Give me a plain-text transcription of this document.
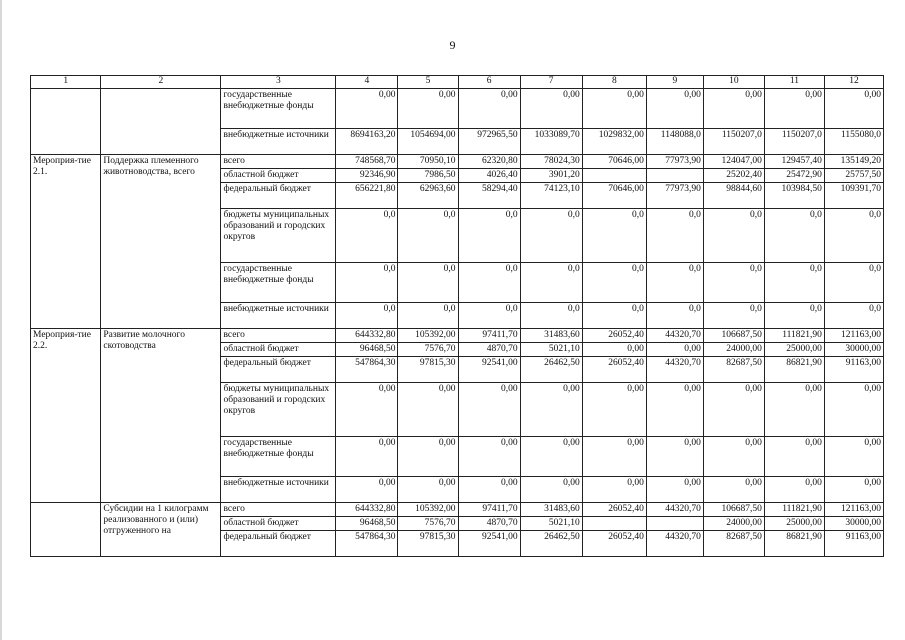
9
1	2	3	4	5	6	7	8	9	10	11	12
		государственные внебюджетные фонды	0,00	0,00	0,00	0,00	0,00	0,00	0,00	0,00	0,00
		внебюджетные источники	8694163,20	1054694,00	972965,50	1033089,70	1029832,00	1148088,0	1150207,0	1150207,0	1155080,0
Мероприя-тие 2.1.	Поддержка племенного животноводства, всего	всего	748568,70	70950,10	62320,80	78024,30	70646,00	77973,90	124047,00	129457,40	135149,20
		областной бюджет	92346,90	7986,50	4026,40	3901,20			25202,40	25472,90	25757,50
		федеральный бюджет	656221,80	62963,60	58294,40	74123,10	70646,00	77973,90	98844,60	103984,50	109391,70
		бюджеты муниципальных образований и городских округов	0,0	0,0	0,0	0,0	0,0	0,0	0,0	0,0	0,0
		государственные внебюджетные фонды	0,0	0,0	0,0	0,0	0,0	0,0	0,0	0,0	0,0
		внебюджетные источники	0,0	0,0	0,0	0,0	0,0	0,0	0,0	0,0	0,0
Мероприя-тие 2.2.	Развитие молочного скотоводства	всего	644332,80	105392,00	97411,70	31483,60	26052,40	44320,70	106687,50	111821,90	121163,00
		областной бюджет	96468,50	7576,70	4870,70	5021,10	0,00	0,00	24000,00	25000,00	30000,00
		федеральный бюджет	547864,30	97815,30	92541,00	26462,50	26052,40	44320,70	82687,50	86821,90	91163,00
		бюджеты муниципальных образований и городских округов	0,00	0,00	0,00	0,00	0,00	0,00	0,00	0,00	0,00
		государственные внебюджетные фонды	0,00	0,00	0,00	0,00	0,00	0,00	0,00	0,00	0,00
		внебюджетные источники	0,00	0,00	0,00	0,00	0,00	0,00	0,00	0,00	0,00
	Субсидии на 1 килограмм реализованного и (или) отгруженного на	всего	644332,80	105392,00	97411,70	31483,60	26052,40	44320,70	106687,50	111821,90	121163,00
		областной бюджет	96468,50	7576,70	4870,70	5021,10			24000,00	25000,00	30000,00
		федеральный бюджет	547864,30	97815,30	92541,00	26462,50	26052,40	44320,70	82687,50	86821,90	91163,00
